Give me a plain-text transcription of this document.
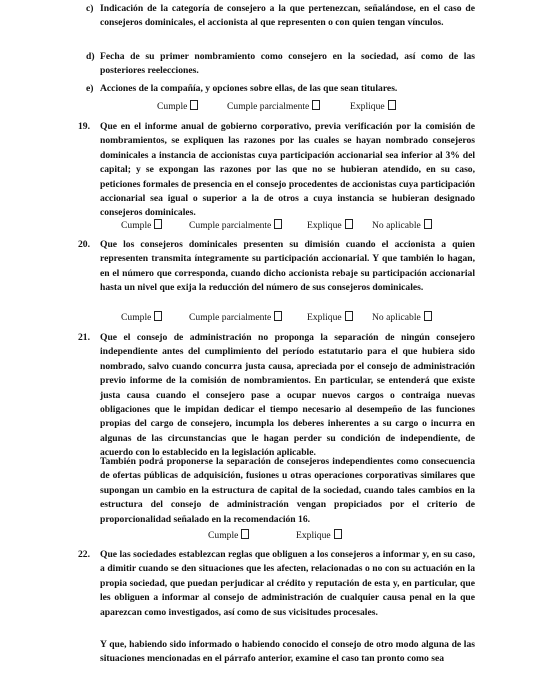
c) Indicación de la categoría de consejero a la que pertenezcan, señalándose, en el caso de consejeros dominicales, el accionista al que representen o con quien tengan vínculos.
d) Fecha de su primer nombramiento como consejero en la sociedad, así como de las posteriores reelecciones.
e) Acciones de la compañía, y opciones sobre ellas, de las que sean titulares.
Cumple	Cumple parcialmente	Explique
19. Que en el informe anual de gobierno corporativo, previa verificación por la comisión de nombramientos, se expliquen las razones por las cuales se hayan nombrado consejeros dominicales a instancia de accionistas cuya participación accionarial sea inferior al 3% del capital; y se expongan las razones por las que no se hubieran atendido, en su caso, peticiones formales de presencia en el consejo procedentes de accionistas cuya participación accionarial sea igual o superior a la de otros a cuya instancia se hubieran designado consejeros dominicales.
Cumple	Cumple parcialmente	Explique	No aplicable
20. Que los consejeros dominicales presenten su dimisión cuando el accionista a quien representen transmita íntegramente su participación accionarial. Y que también lo hagan, en el número que corresponda, cuando dicho accionista rebaje su participación accionarial hasta un nivel que exija la reducción del número de sus consejeros dominicales.
Cumple	Cumple parcialmente	Explique	No aplicable
21. Que el consejo de administración no proponga la separación de ningún consejero independiente antes del cumplimiento del período estatutario para el que hubiera sido nombrado, salvo cuando concurra justa causa, apreciada por el consejo de administración previo informe de la comisión de nombramientos. En particular, se entenderá que existe justa causa cuando el consejero pase a ocupar nuevos cargos o contraiga nuevas obligaciones que le impidan dedicar el tiempo necesario al desempeño de las funciones propias del cargo de consejero, incumpla los deberes inherentes a su cargo o incurra en algunas de las circunstancias que le hagan perder su condición de independiente, de acuerdo con lo establecido en la legislación aplicable.
También podrá proponerse la separación de consejeros independientes como consecuencia de ofertas públicas de adquisición, fusiones u otras operaciones corporativas similares que supongan un cambio en la estructura de capital de la sociedad, cuando tales cambios en la estructura del consejo de administración vengan propiciados por el criterio de proporcionalidad señalado en la recomendación 16.
Cumple	Explique
22. Que las sociedades establezcan reglas que obliguen a los consejeros a informar y, en su caso, a dimitir cuando se den situaciones que les afecten, relacionadas o no con su actuación en la propia sociedad, que puedan perjudicar al crédito y reputación de esta y, en particular, que les obliguen a informar al consejo de administración de cualquier causa penal en la que aparezcan como investigados, así como de sus vicisitudes procesales.
Y que, habiendo sido informado o habiendo conocido el consejo de otro modo alguna de las situaciones mencionadas en el párrafo anterior, examine el caso tan pronto como sea
